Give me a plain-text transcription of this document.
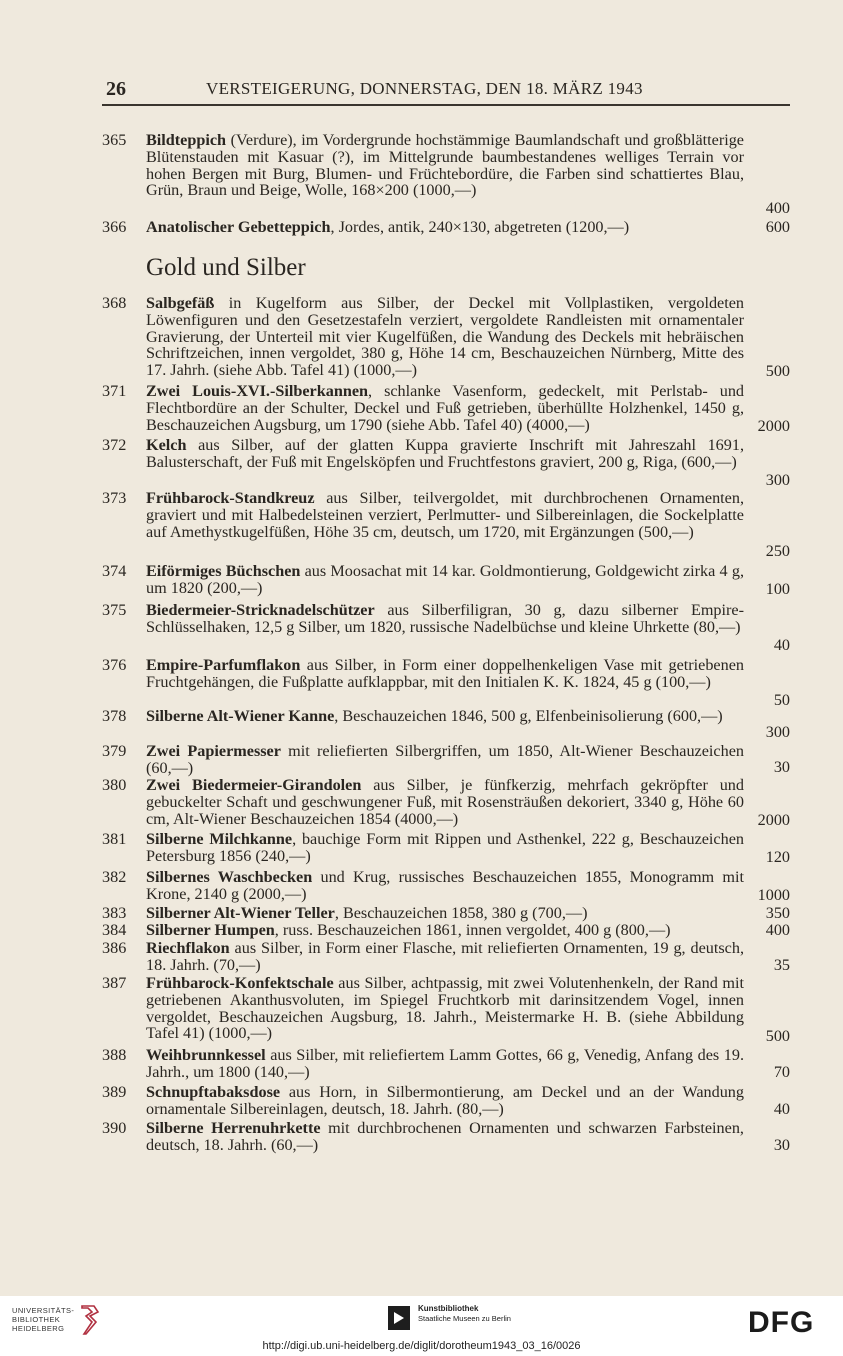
26	VERSTEIGERUNG, DONNERSTAG, DEN 18. MÄRZ 1943
Gold und Silber
365	Bildteppich (Verdure), im Vordergrunde hochstämmige Baumlandschaft und großblätterige Blütenstauden mit Kasuar (?), im Mittelgrunde baumbestandenes welliges Terrain vor hohen Bergen mit Burg, Blumen- und Früchtebordüre, die Farben sind schattiertes Blau, Grün, Braun und Beige, Wolle, 168×200 (1000,—)
400
366	Anatolischer Gebetteppich, Jordes, antik, 240×130, abgetreten (1200,—)	600
368	Salbgefäß in Kugelform aus Silber, der Deckel mit Vollplastiken, vergoldeten Löwenfiguren und den Gesetzestafeln verziert, vergoldete Randleisten mit ornamentaler Gravierung, der Unterteil mit vier Kugelfüßen, die Wandung des Deckels mit hebräischen Schriftzeichen, innen vergoldet, 380 g, Höhe 14 cm, Beschauzeichen Nürnberg, Mitte des 17. Jahrh. (siehe Abb. Tafel 41) (1000,—)	500
371	Zwei Louis-XVI.-Silberkannen, schlanke Vasenform, gedeckelt, mit Perlstab- und Flechtbordüre an der Schulter, Deckel und Fuß getrieben, überhüllte Holzhenkel, 1450 g, Beschauzeichen Augsburg, um 1790 (siehe Abb. Tafel 40) (4000,—)	2000
372	Kelch aus Silber, auf der glatten Kuppa gravierte Inschrift mit Jahreszahl 1691, Balusterschaft, der Fuß mit Engelsköpfen und Fruchtfestons graviert, 200 g, Riga, (600,—)
300
373	Frühbarock-Standkreuz aus Silber, teilvergoldet, mit durchbrochenen Ornamenten, graviert und mit Halbedelsteinen verziert, Perlmutter- und Silbereinlagen, die Sockelplatte auf Amethystkugelfüßen, Höhe 35 cm, deutsch, um 1720, mit Ergänzungen (500,—)
250
374	Eiförmiges Büchschen aus Moosachat mit 14 kar. Goldmontierung, Goldgewicht zirka 4 g, um 1820 (200,—)	100
375	Biedermeier-Stricknadelschützer aus Silberfiligran, 30 g, dazu silberner Empire-Schlüsselhaken, 12,5 g Silber, um 1820, russische Nadelbüchse und kleine Uhrkette (80,—)
40
376	Empire-Parfumflakon aus Silber, in Form einer doppelhenkeligen Vase mit getriebenen Fruchtgehängen, die Fußplatte aufklappbar, mit den Initialen K. K. 1824, 45 g (100,—)
50
378	Silberne Alt-Wiener Kanne, Beschauzeichen 1846, 500 g, Elfenbeinisolierung (600,—)
300
379	Zwei Papiermesser mit reliefierten Silbergriffen, um 1850, Alt-Wiener Beschauzeichen (60,—)	30
380	Zwei Biedermeier-Girandolen aus Silber, je fünfkerzig, mehrfach gekröpfter und gebuckelter Schaft und geschwungener Fuß, mit Rosensträußen dekoriert, 3340 g, Höhe 60 cm, Alt-Wiener Beschauzeichen 1854 (4000,—)	2000
381	Silberne Milchkanne, bauchige Form mit Rippen und Asthenkel, 222 g, Beschauzeichen Petersburg 1856 (240,—)	120
382	Silbernes Waschbecken und Krug, russisches Beschauzeichen 1855, Monogramm mit Krone, 2140 g (2000,—)	1000
383	Silberner Alt-Wiener Teller, Beschauzeichen 1858, 380 g (700,—)	350
384	Silberner Humpen, russ. Beschauzeichen 1861, innen vergoldet, 400 g (800,—)	400
386	Riechflakon aus Silber, in Form einer Flasche, mit reliefierten Ornamenten, 19 g, deutsch, 18. Jahrh. (70,—)	35
387	Frühbarock-Konfektschale aus Silber, achtpassig, mit zwei Volutenhenkeln, der Rand mit getriebenen Akanthusvoluten, im Spiegel Fruchtkorb mit darinsitzendem Vogel, innen vergoldet, Beschauzeichen Augsburg, 18. Jahrh., Meistermarke H. B. (siehe Abbildung Tafel 41) (1000,—)	500
388	Weihbrunnkessel aus Silber, mit reliefiertem Lamm Gottes, 66 g, Venedig, Anfang des 19. Jahrh., um 1800 (140,—)	70
389	Schnupftabaksdose aus Horn, in Silbermontierung, am Deckel und an der Wandung ornamentale Silbereinlagen, deutsch, 18. Jahrh. (80,—)	40
390	Silberne Herrenuhrkette mit durchbrochenen Ornamenten und schwarzen Farbsteinen, deutsch, 18. Jahrh. (60,—)	30
UNIVERSITÄTS-
BIBLIOTHEK
HEIDELBERG
Kunstbibliothek
Staatliche Museen zu Berlin	DFG
http://digi.ub.uni-heidelberg.de/diglit/dorotheum1943_03_16/0026
